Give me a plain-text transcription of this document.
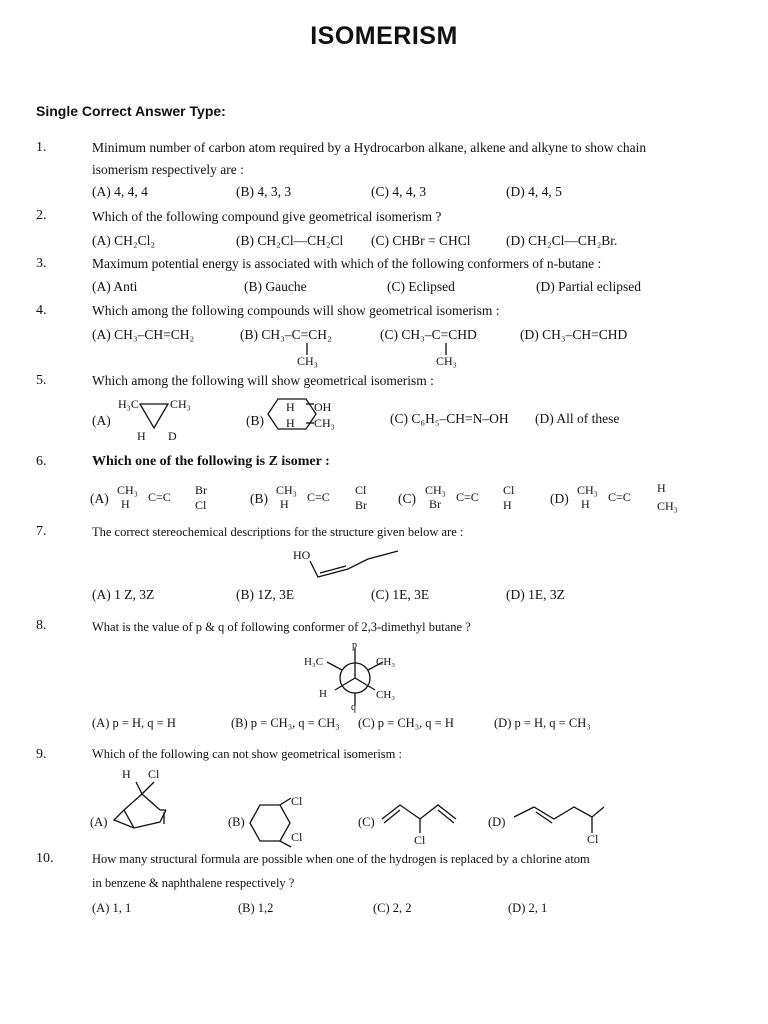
ISOMERISM
Single Correct Answer Type:
1.	Minimum number of carbon atom required by a Hydrocarbon alkane, alkene and alkyne to show chain
isomerism respectively are :
(A) 4, 4, 4	(B) 4, 3, 3	(C) 4, 4, 3	(D) 4, 4, 5
2.	Which of the following compound give geometrical isomerism ?
(A) CH₂Cl₂	(B) CH₂Cl—CH₂Cl (C) CHBr = CHCl	(D) CH₂Cl—CH₂Br.
3.	Maximum potential energy is associated with which of the following conformers of n-butane :
(A) Anti	(B) Gauche	(C) Eclipsed	(D) Partial eclipsed
4.	Which among the following compounds will show geometrical isomerism :
(A) CH₃–CH=CH₂	(B) CH₃–C=CH₂	(C) CH₃–C=CHD	(D) CH₃–CH=CHD
CH₃	CH₃
5.	Which among the following will show geometrical isomerism :
(A)
H₃C	CH₃
H D
(B)
H OH
H CH₃	(C) C₆H₅–CH=N–OH (D) All of these
6.	Which one of the following is Z isomer :
(A)
CH₃
H C=C Br
Cl	(B)
CH₃
H C=C Cl
Br (C)
CH₃
Br C=C Cl
H	(D)
CH₃
H C=C
H
CH₃
7.	The correct stereochemical descriptions for the structure given below are :
HO
(A) 1 Z, 3Z	(B) 1Z, 3E	(C) 1E, 3E	(D) 1E, 3Z
8.	What is the value of p & q of following conformer of 2,3-dimethyl butane ?
p
H₃C	CH₃
H	CH₃
q
(A) p = H, q = H	(B) p = CH₃, q = CH₃ (C) p = CH₃, q = H	(D) p = H, q = CH₃
9.	Which of the following can not show geometrical isomerism :
(A)
H Cl
(B)
Cl
Cl
(C)
Cl
(D)
Cl
10.	How many structural formula are possible when one of the hydrogen is replaced by a chlorine atom
in benzene & naphthalene respectively ?
(A) 1, 1	(B) 1,2	(C) 2, 2	(D) 2, 1
